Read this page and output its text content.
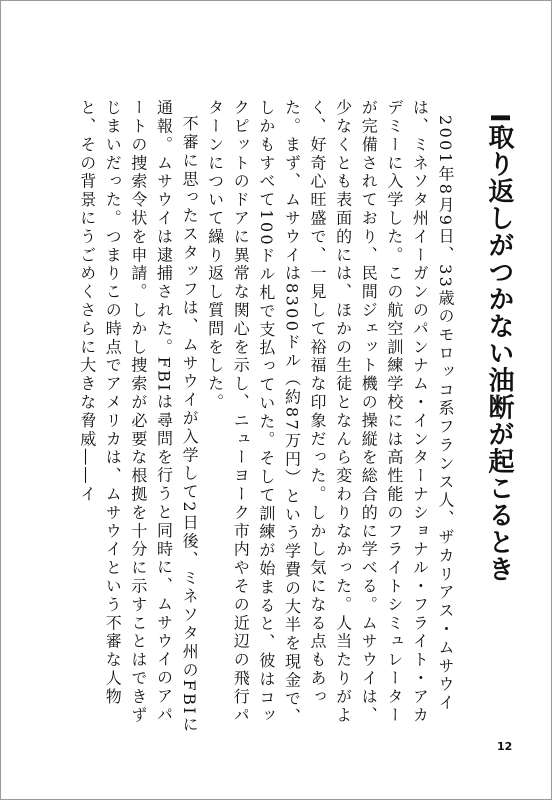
I取り返しがつかない油断が起こるとき

2001年8月9日、33歳のモロッコ系フランス人、ザカリアス・ムサウイは、ミネソタ州イーガンのパンナム・インターナショナル・フライト・アカデミーに入学した。この航空訓練学校には高性能のフライトシミュレーターが完備されており、民間ジェット機の操縦を総合的に学べる。ムサウイは、少なくとも表面的には、ほかの生徒となんら変わりなかった。人当たりがよく、好奇心旺盛で、一見して裕福な印象だった。しかし気になる点もあった。まず、ムサウイは8300ドル（約87万円）という学費の大半を現金で、しかもすべて100ドル札で支払っていた。そして訓練が始まると、彼はコックピットのドアに異常な関心を示し、ニューヨーク市内やその近辺の飛行パターンについて繰り返し質問をした。

不審に思ったスタッフは、ムサウイが入学して2日後、ミネソタ州のFBIに通報。ムサウイは逮捕された。FBIは尋問を行うと同時に、ムサウイのアパートの捜索令状を申請。しかし捜索が必要な根拠を十分に示すことはできずじまいだった。つまりこの時点でアメリカは、ムサウイという不審な人物と、その背景にうごめくさらに大きな脅威――イ

12
